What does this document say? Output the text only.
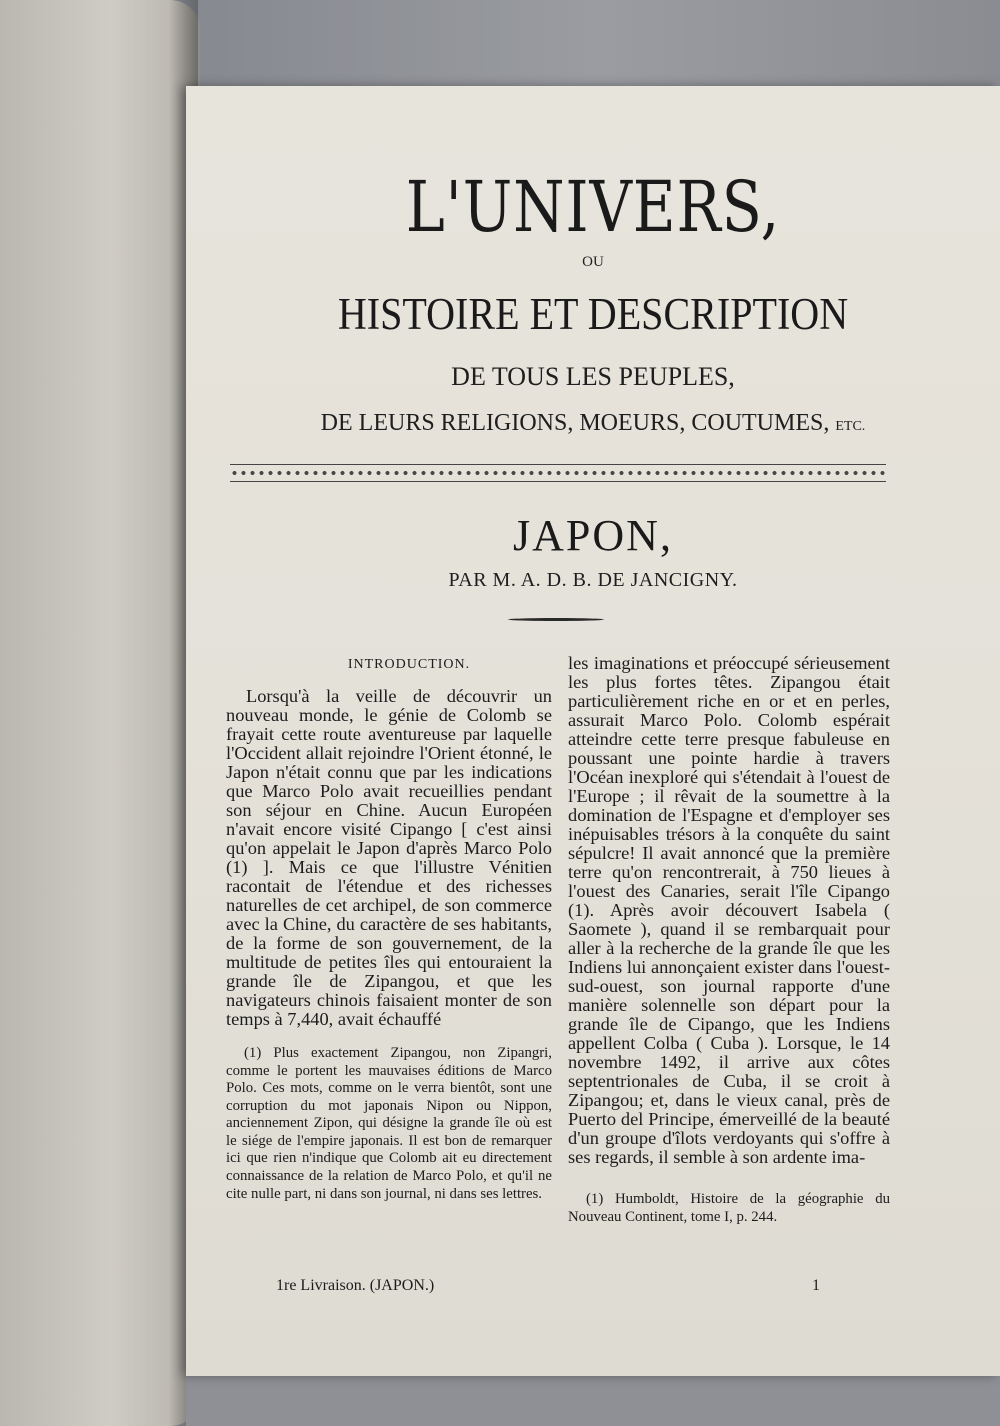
L'UNIVERS,
OU
HISTOIRE ET DESCRIPTION
DE TOUS LES PEUPLES,
DE LEURS RELIGIONS, MOEURS, COUTUMES, ETC.
JAPON,
PAR M. A. D. B. DE JANCIGNY.
INTRODUCTION.

Lorsqu'à la veille de découvrir un nouveau monde, le génie de Colomb se frayait cette route aventureuse par laquelle l'Occident allait rejoindre l'Orient étonné, le Japon n'était connu que par les indications que Marco Polo avait recueillies pendant son séjour en Chine. Aucun Européen n'avait encore visité Cipango [ c'est ainsi qu'on appelait le Japon d'après Marco Polo (1) ]. Mais ce que l'illustre Vénitien racontait de l'étendue et des richesses naturelles de cet archipel, de son commerce avec la Chine, du caractère de ses habitants, de la forme de son gouvernement, de la multitude de petites îles qui entouraient la grande île de Zipangou, et que les navigateurs chinois faisaient monter de son temps à 7,440, avait échauffé

(1) Plus exactement Zipangou, non Zipangri, comme le portent les mauvaises éditions de Marco Polo. Ces mots, comme on le verra bientôt, sont une corruption du mot japonais Nipon ou Nippon, anciennement Zipon, qui désigne la grande île où est le siége de l'empire japonais. Il est bon de remarquer ici que rien n'indique que Colomb ait eu directement connaissance de la relation de Marco Polo, et qu'il ne cite nulle part, ni dans son journal, ni dans ses lettres.

les imaginations et préoccupé sérieusement les plus fortes têtes. Zipangou était particulièrement riche en or et en perles, assurait Marco Polo. Colomb espérait atteindre cette terre presque fabuleuse en poussant une pointe hardie à travers l'Océan inexploré qui s'étendait à l'ouest de l'Europe ; il rêvait de la soumettre à la domination de l'Espagne et d'employer ses inépuisables trésors à la conquête du saint sépulcre! Il avait annoncé que la première terre qu'on rencontrerait, à 750 lieues à l'ouest des Canaries, serait l'île Cipango (1). Après avoir découvert Isabela ( Saomete ), quand il se rembarquait pour aller à la recherche de la grande île que les Indiens lui annonçaient exister dans l'ouest-sud-ouest, son journal rapporte d'une manière solennelle son départ pour la grande île de Cipango, que les Indiens appellent Colba ( Cuba ). Lorsque, le 14 novembre 1492, il arrive aux côtes septentrionales de Cuba, il se croit à Zipangou; et, dans le vieux canal, près de Puerto del Principe, émerveillé de la beauté d'un groupe d'îlots verdoyants qui s'offre à ses regards, il semble à son ardente ima-

(1) Humboldt, Histoire de la géographie du Nouveau Continent, tome I, p. 244.

1re Livraison. (JAPON.)	1
